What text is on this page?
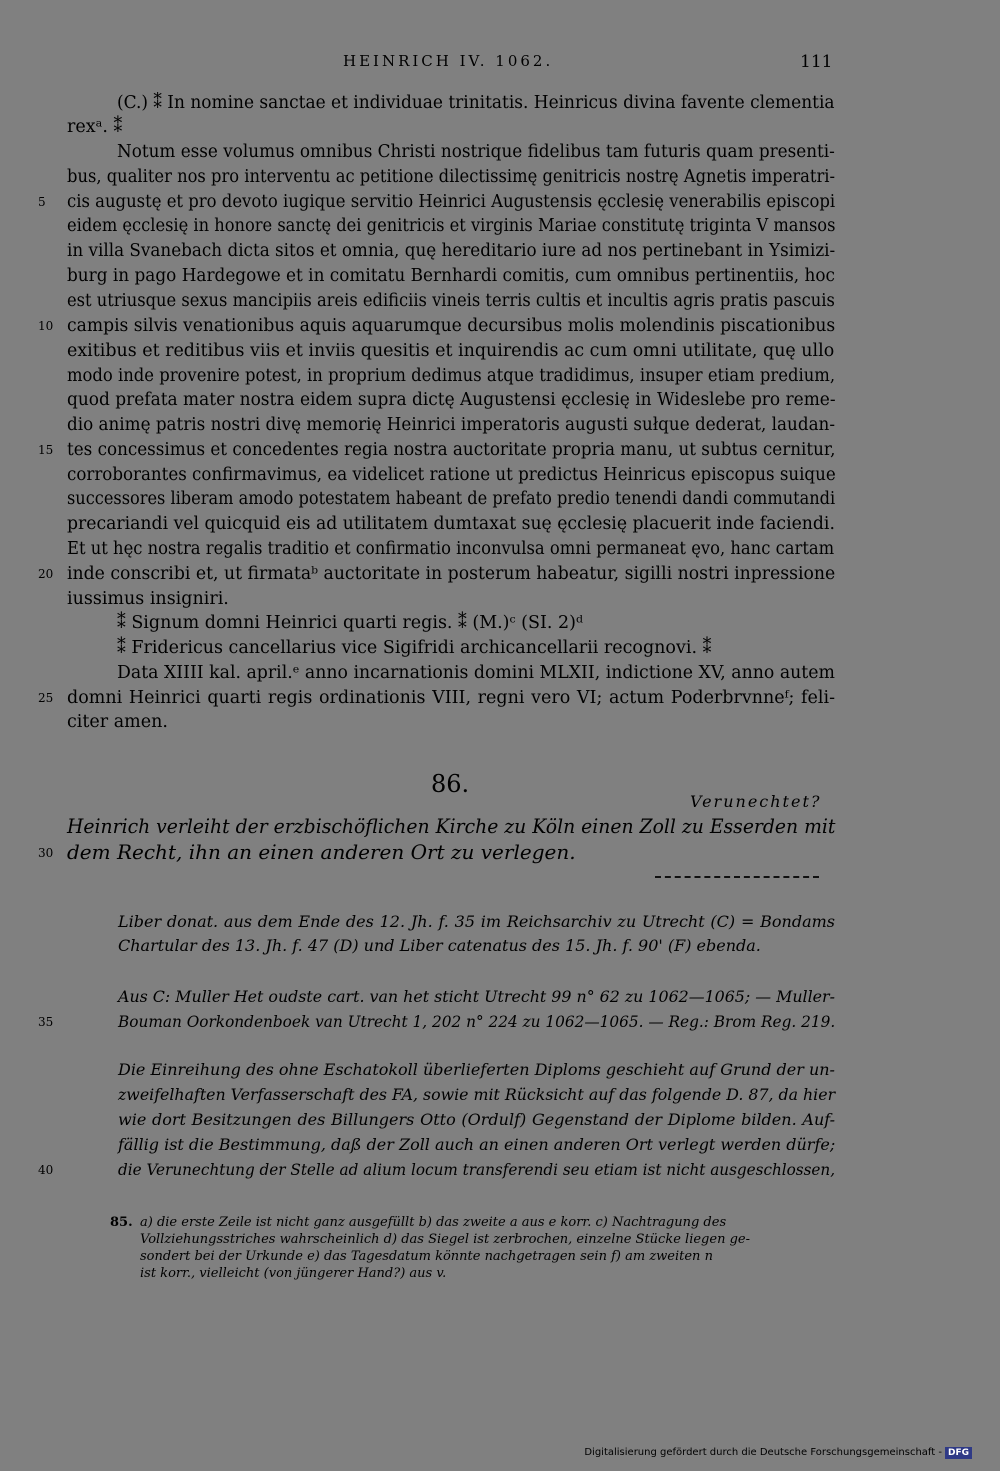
HEINRICH IV. 1062.	111
(C.) ⁑ In nomine sanctae et individuae trinitatis. Heinricus divina favente clementia
rexᵃ. ⁑
Notum esse volumus omnibus Christi nostrique fidelibus tam futuris quam presenti-
bus, qualiter nos pro interventu ac petitione dilectissimę genitricis nostrę Agnetis imperatri-
cis augustę et pro devoto iugique servitio Heinrici Augustensis ęcclesię venerabilis episcopi
eidem ęcclesię in honore sanctę dei genitricis et virginis Mariae constitutę triginta V mansos
in villa Svanebach dicta sitos et omnia, quę hereditario iure ad nos pertinebant in Ysimizi-
burg in pago Hardegowe et in comitatu Bernhardi comitis, cum omnibus pertinentiis, hoc
est utriusque sexus mancipiis areis edificiis vineis terris cultis et incultis agris pratis pascuis
campis silvis venationibus aquis aquarumque decursibus molis molendinis piscationibus
exitibus et reditibus viis et inviis quesitis et inquirendis ac cum omni utilitate, quę ullo
modo inde provenire potest, in proprium dedimus atque tradidimus, insuper etiam predium,
quod prefata mater nostra eidem supra dictę Augustensi ęcclesię in Wideslebe pro reme-
dio animę patris nostri divę memorię Heinrici imperatoris augusti sułque dederat, laudan-
tes concessimus et concedentes regia nostra auctoritate propria manu, ut subtus cernitur,
corroborantes confirmavimus, ea videlicet ratione ut predictus Heinricus episcopus suique
successores liberam amodo potestatem habeant de prefato predio tenendi dandi commutandi
precariandi vel quicquid eis ad utilitatem dumtaxat suę ęcclesię placuerit inde faciendi.
Et ut hęc nostra regalis traditio et confirmatio inconvulsa omni permaneat ęvo, hanc cartam
inde conscribi et, ut firmataᵇ auctoritate in posterum habeatur, sigilli nostri inpressione
iussimus insigniri.
⁑ Signum domni Heinrici quarti regis. ⁑ (M.)ᶜ (SI. 2)ᵈ
⁑ Fridericus cancellarius vice Sigifridi archicancellarii recognovi. ⁑
Data XIIII kal. april.ᵉ anno incarnationis domini MLXII, indictione XV, anno autem
domni Heinrici quarti regis ordinationis VIII, regni vero VI; actum Poderbrvnneᶠ; feli-
citer amen.
5
10
15
20
25
86.
Verunechtet?
Heinrich verleiht der erzbischöflichen Kirche zu Köln einen Zoll zu Esserden mit
dem Recht, ihn an einen anderen Ort zu verlegen.
30
Liber donat. aus dem Ende des 12. Jh. f. 35 im Reichsarchiv zu Utrecht (C) = Bondams
Chartular des 13. Jh. f. 47 (D) und Liber catenatus des 15. Jh. f. 90' (F) ebenda.
Aus C: Muller Het oudste cart. van het sticht Utrecht 99 n° 62 zu 1062—1065; — Muller-
Bouman Oorkondenboek van Utrecht 1, 202 n° 224 zu 1062—1065. — Reg.: Brom Reg. 219.
35
Die Einreihung des ohne Eschatokoll überlieferten Diploms geschieht auf Grund der un-
zweifelhaften Verfasserschaft des FA, sowie mit Rücksicht auf das folgende D. 87, da hier
wie dort Besitzungen des Billungers Otto (Ordulf) Gegenstand der Diplome bilden. Auf-
fällig ist die Bestimmung, daß der Zoll auch an einen anderen Ort verlegt werden dürfe;
die Verunechtung der Stelle ad alium locum transferendi seu etiam ist nicht ausgeschlossen,
40
85. a) die erste Zeile ist nicht ganz ausgefüllt b) das zweite a aus e korr. c) Nachtragung des
Vollziehungsstriches wahrscheinlich d) das Siegel ist zerbrochen, einzelne Stücke liegen ge-
sondert bei der Urkunde e) das Tagesdatum könnte nachgetragen sein f) am zweiten n
ist korr., vielleicht (von jüngerer Hand?) aus v.
Digitalisierung gefördert durch die Deutsche Forschungsgemeinschaft - DFG
